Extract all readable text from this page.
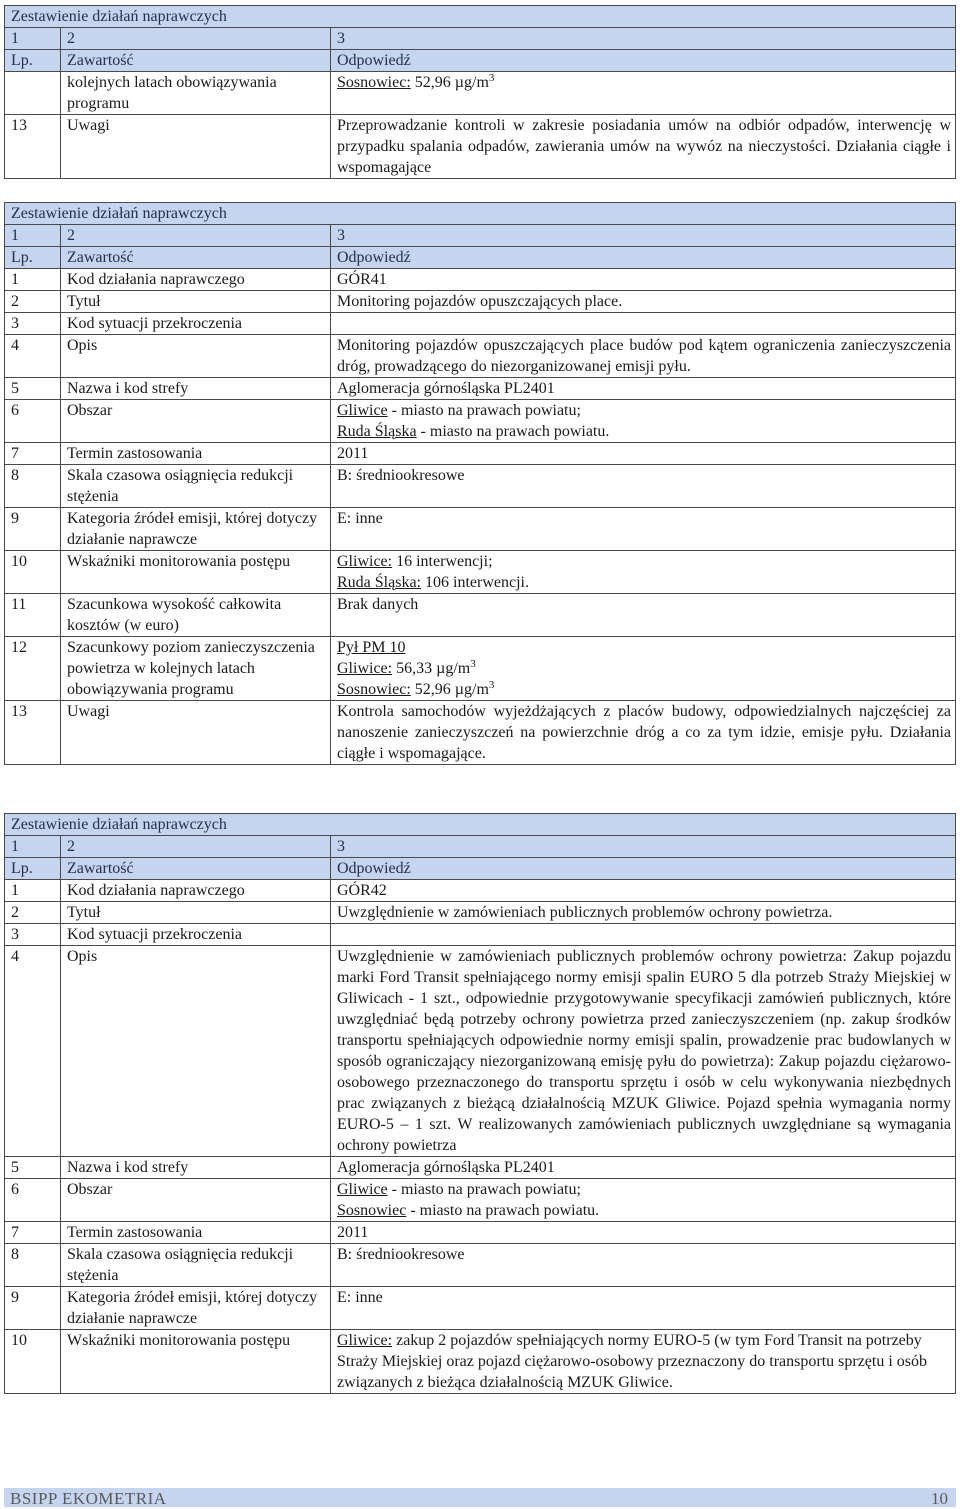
Zestawienie działań naprawczych		
1	2	3
Lp.	Zawartość	Odpowiedź
	kolejnych latach obowiązywania programu	Sosnowiec: 52,96 $\mu g/m^3$
13	Uwagi	Przeprowadzanie kontroli w zakresie posiadania umów na odbiór odpadów, interwencję w przypadku spalania odpadów, zawierania umów na wywóz na nieczystości. Działania ciągłe i wspomagające
Zestawienie działań naprawczych		
1	2	3
Lp.	Zawartość	Odpowiedź
1	Kod działania naprawczego	GÓR41
2	Tytuł	Monitoring pojazdów opuszczających place.
3	Kod sytuacji przekroczenia	
4	Opis	Monitoring pojazdów opuszczających place budów pod kątem ograniczenia zanieczyszczenia dróg, prowadzącego do niezorganizowanej emisji pyłu.
5	Nazwa i kod strefy	Aglomeracja górnośląska PL2401
6	Obszar	Gliwice - miasto na prawach powiatu;
Ruda Śląska - miasto na prawach powiatu.

7	Termin zastosowania	2011
8	Skala czasowa osiągnięcia redukcji stężenia	B: średniookresowe
9	Kategoria źródeł emisji, której dotyczy działanie naprawcze	E: inne
10	Wskaźniki monitorowania postępu	Gliwice: 16 interwencji;
Ruda Śląska: 106 interwencji.

11	Szacunkowa wysokość całkowita kosztów (w euro)	Brak danych
12	Szacunkowy poziom zanieczyszczenia powietrza w kolejnych latach obowiązywania programu	Pył PM 10
Gliwice: 56,33 $\mu g/m^3$
Sosnowiec: 52,96 $\mu g/m^3$

13	Uwagi	Kontrola samochodów wyjeżdżających z placów budowy, odpowiedzialnych najczęściej za nanoszenie zanieczyszczeń na powierzchnie dróg a co za tym idzie, emisje pyłu. Działania ciągłe i wspomagające.
Zestawienie działań naprawczych		
1	2	3
Lp.	Zawartość	Odpowiedź
1	Kod działania naprawczego	GÓR42
2	Tytuł	Uwzględnienie w zamówieniach publicznych problemów ochrony powietrza.
3	Kod sytuacji przekroczenia	
4	Opis	Uwzględnienie w zamówieniach publicznych problemów ochrony powietrza: Zakup pojazdu marki Ford Transit spełniającego normy emisji spalin EURO 5 dla potrzeb Straży Miejskiej w Gliwicach - 1 szt., odpowiednie przygotowywanie specyfikacji zamówień publicznych, które uwzględniać będą potrzeby ochrony powietrza przed zanieczyszczeniem (np. zakup środków transportu spełniających odpowiednie normy emisji spalin, prowadzenie prac budowlanych w sposób ograniczający niezorganizowaną emisję pyłu do powietrza): Zakup pojazdu ciężarowo-osobowego przeznaczonego do transportu sprzętu i osób w celu wykonywania niezbędnych prac związanych z bieżącą działalnością MZUK Gliwice. Pojazd spełnia wymagania normy EURO-5 – 1 szt. W realizowanych zamówieniach publicznych uwzględniane są wymagania ochrony powietrza
5	Nazwa i kod strefy	Aglomeracja górnośląska PL2401
6	Obszar	Gliwice - miasto na prawach powiatu;
Sosnowiec - miasto na prawach powiatu.

7	Termin zastosowania	2011
8	Skala czasowa osiągnięcia redukcji stężenia	B: średniookresowe
9	Kategoria źródeł emisji, której dotyczy działanie naprawcze	E: inne
10	Wskaźniki monitorowania postępu	Gliwice: zakup 2 pojazdów spełniających normy EURO-5 (w tym Ford Transit na potrzeby Straży Miejskiej oraz pojazd ciężarowo-osobowy przeznaczony do transportu sprzętu i osób związanych z bieżąca działalnością MZUK Gliwice.
BSIPP EKOMETRIA	10
